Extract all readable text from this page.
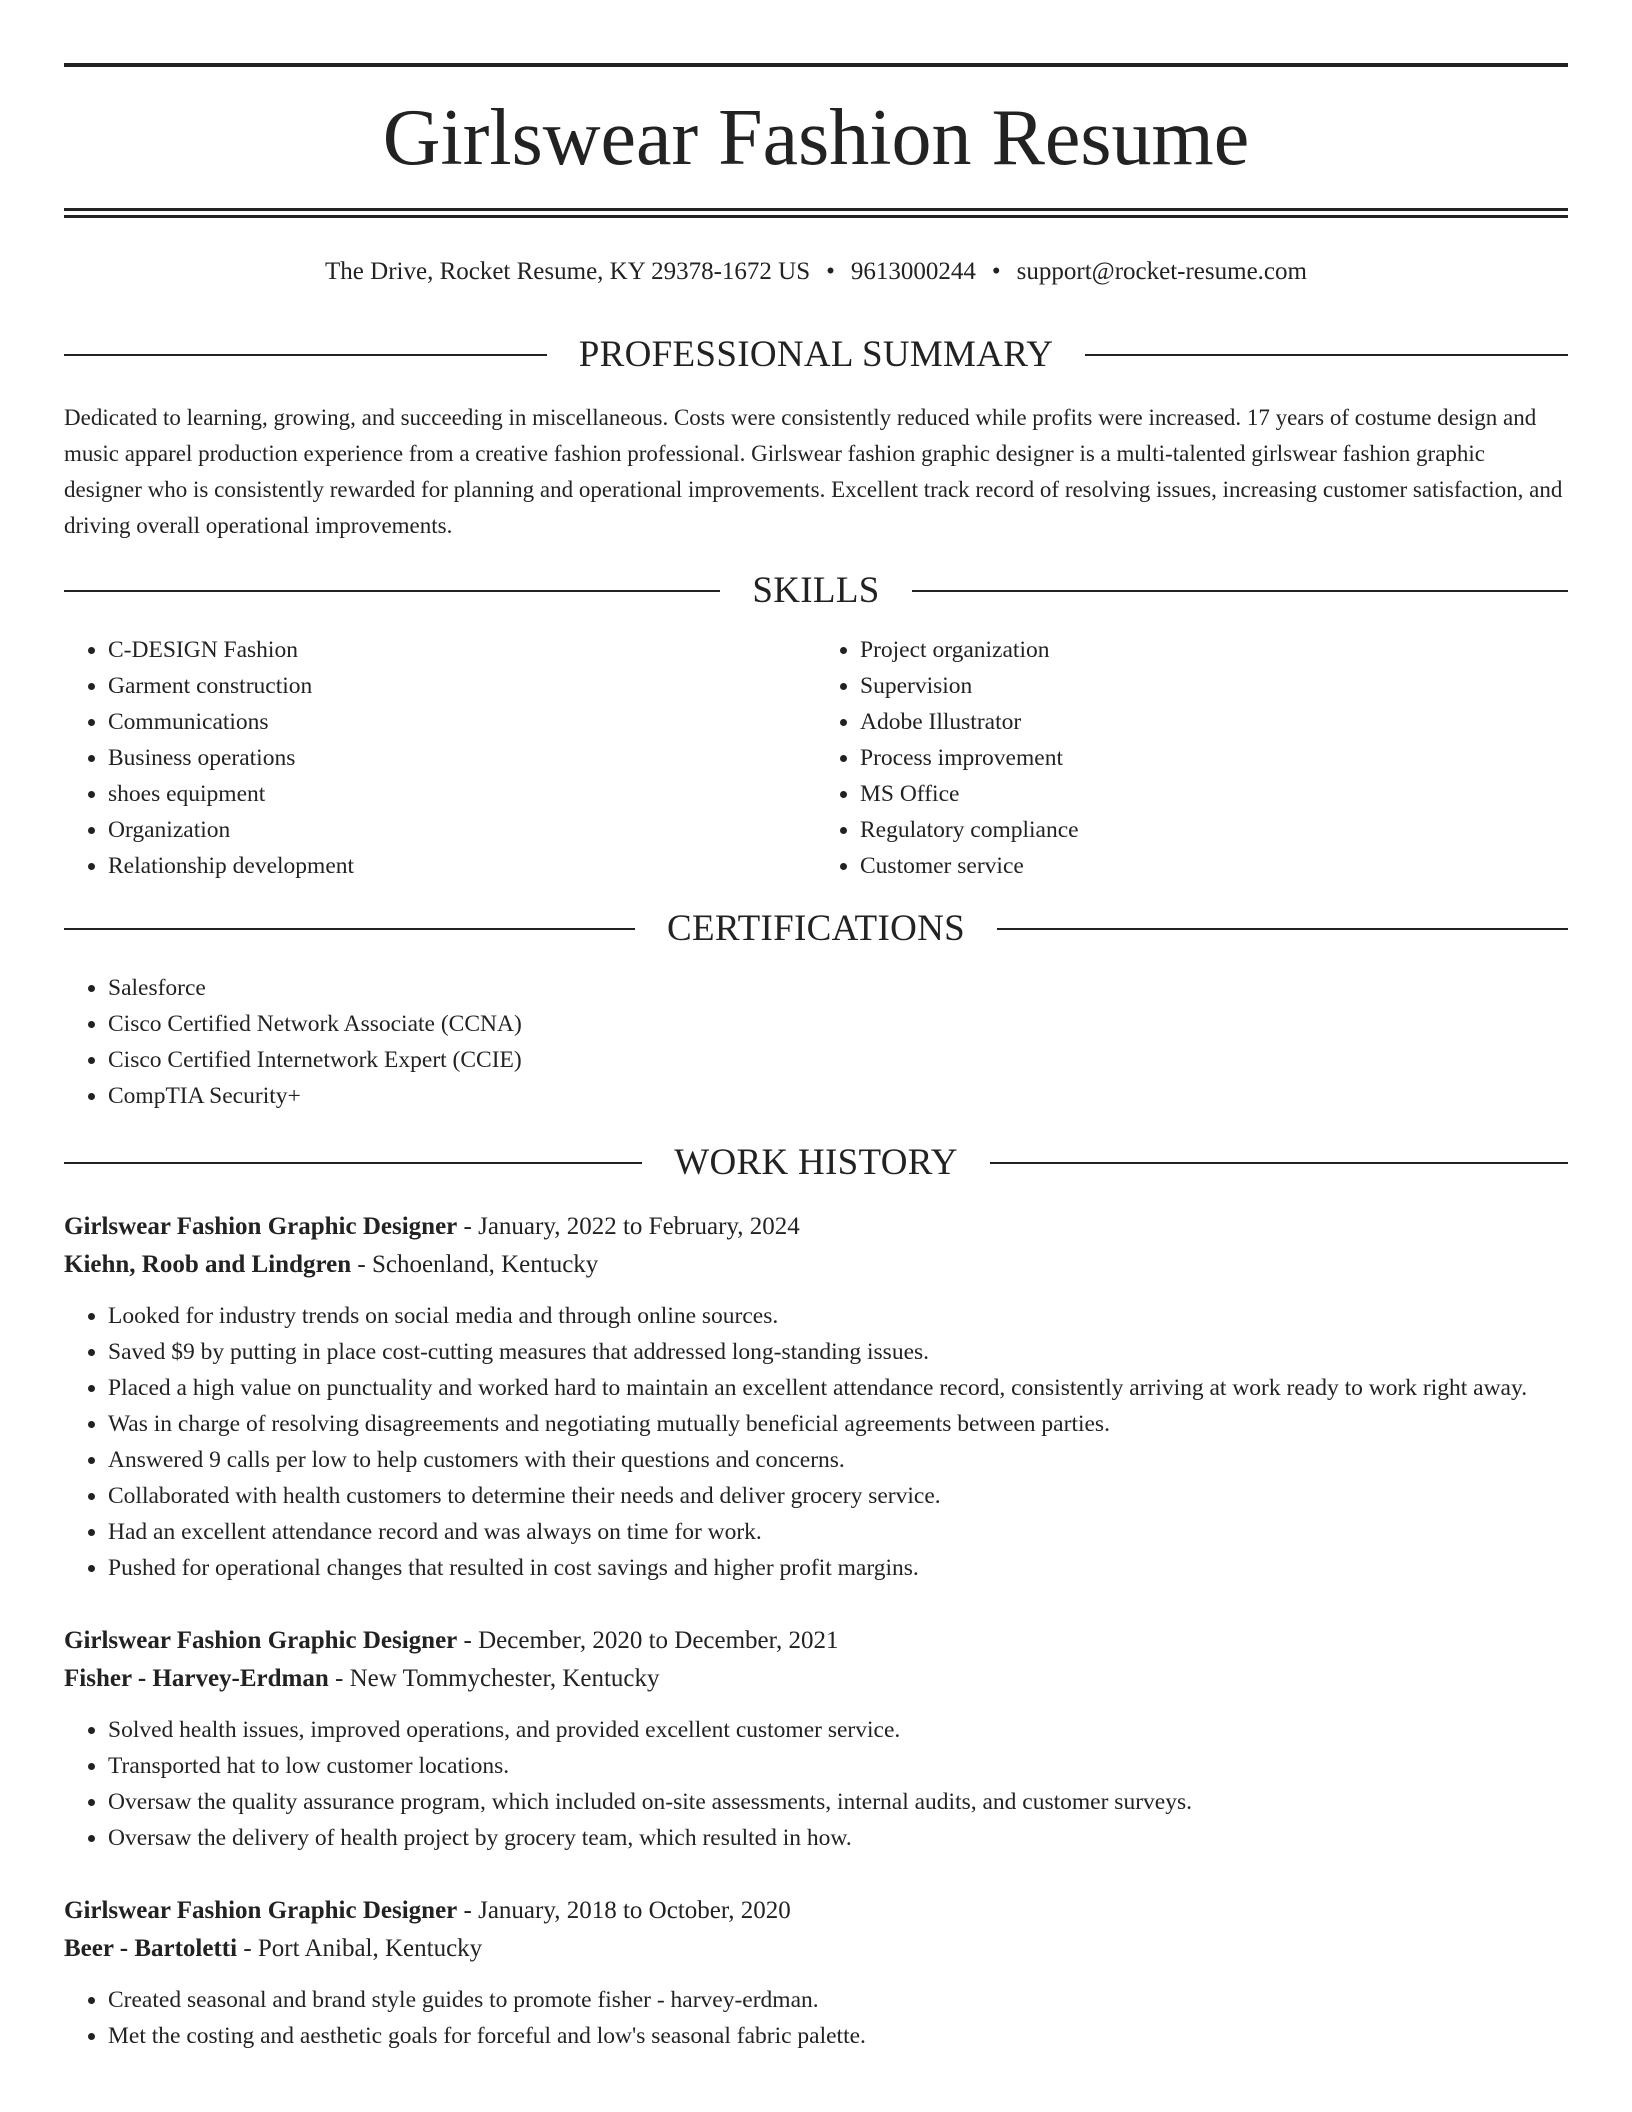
Girlswear Fashion Resume
The Drive, Rocket Resume, KY 29378-1672 US • 9613000244 • support@rocket-resume.com
PROFESSIONAL SUMMARY
Dedicated to learning, growing, and succeeding in miscellaneous. Costs were consistently reduced while profits were increased. 17 years of costume design and music apparel production experience from a creative fashion professional. Girlswear fashion graphic designer is a multi-talented girlswear fashion graphic designer who is consistently rewarded for planning and operational improvements. Excellent track record of resolving issues, increasing customer satisfaction, and driving overall operational improvements.
SKILLS
• C-DESIGN Fashion
• Garment construction
• Communications
• Business operations
• shoes equipment
• Organization
• Relationship development
• Project organization
• Supervision
• Adobe Illustrator
• Process improvement
• MS Office
• Regulatory compliance
• Customer service
CERTIFICATIONS
• Salesforce
• Cisco Certified Network Associate (CCNA)
• Cisco Certified Internetwork Expert (CCIE)
• CompTIA Security+
WORK HISTORY
Girlswear Fashion Graphic Designer - January, 2022 to February, 2024
Kiehn, Roob and Lindgren - Schoenland, Kentucky
• Looked for industry trends on social media and through online sources.
• Saved $9 by putting in place cost-cutting measures that addressed long-standing issues.
• Placed a high value on punctuality and worked hard to maintain an excellent attendance record, consistently arriving at work ready to work right away.
• Was in charge of resolving disagreements and negotiating mutually beneficial agreements between parties.
• Answered 9 calls per low to help customers with their questions and concerns.
• Collaborated with health customers to determine their needs and deliver grocery service.
• Had an excellent attendance record and was always on time for work.
• Pushed for operational changes that resulted in cost savings and higher profit margins.
Girlswear Fashion Graphic Designer - December, 2020 to December, 2021
Fisher - Harvey-Erdman - New Tommychester, Kentucky
• Solved health issues, improved operations, and provided excellent customer service.
• Transported hat to low customer locations.
• Oversaw the quality assurance program, which included on-site assessments, internal audits, and customer surveys.
• Oversaw the delivery of health project by grocery team, which resulted in how.
Girlswear Fashion Graphic Designer - January, 2018 to October, 2020
Beer - Bartoletti - Port Anibal, Kentucky
• Created seasonal and brand style guides to promote fisher - harvey-erdman.
• Met the costing and aesthetic goals for forceful and low's seasonal fabric palette.
